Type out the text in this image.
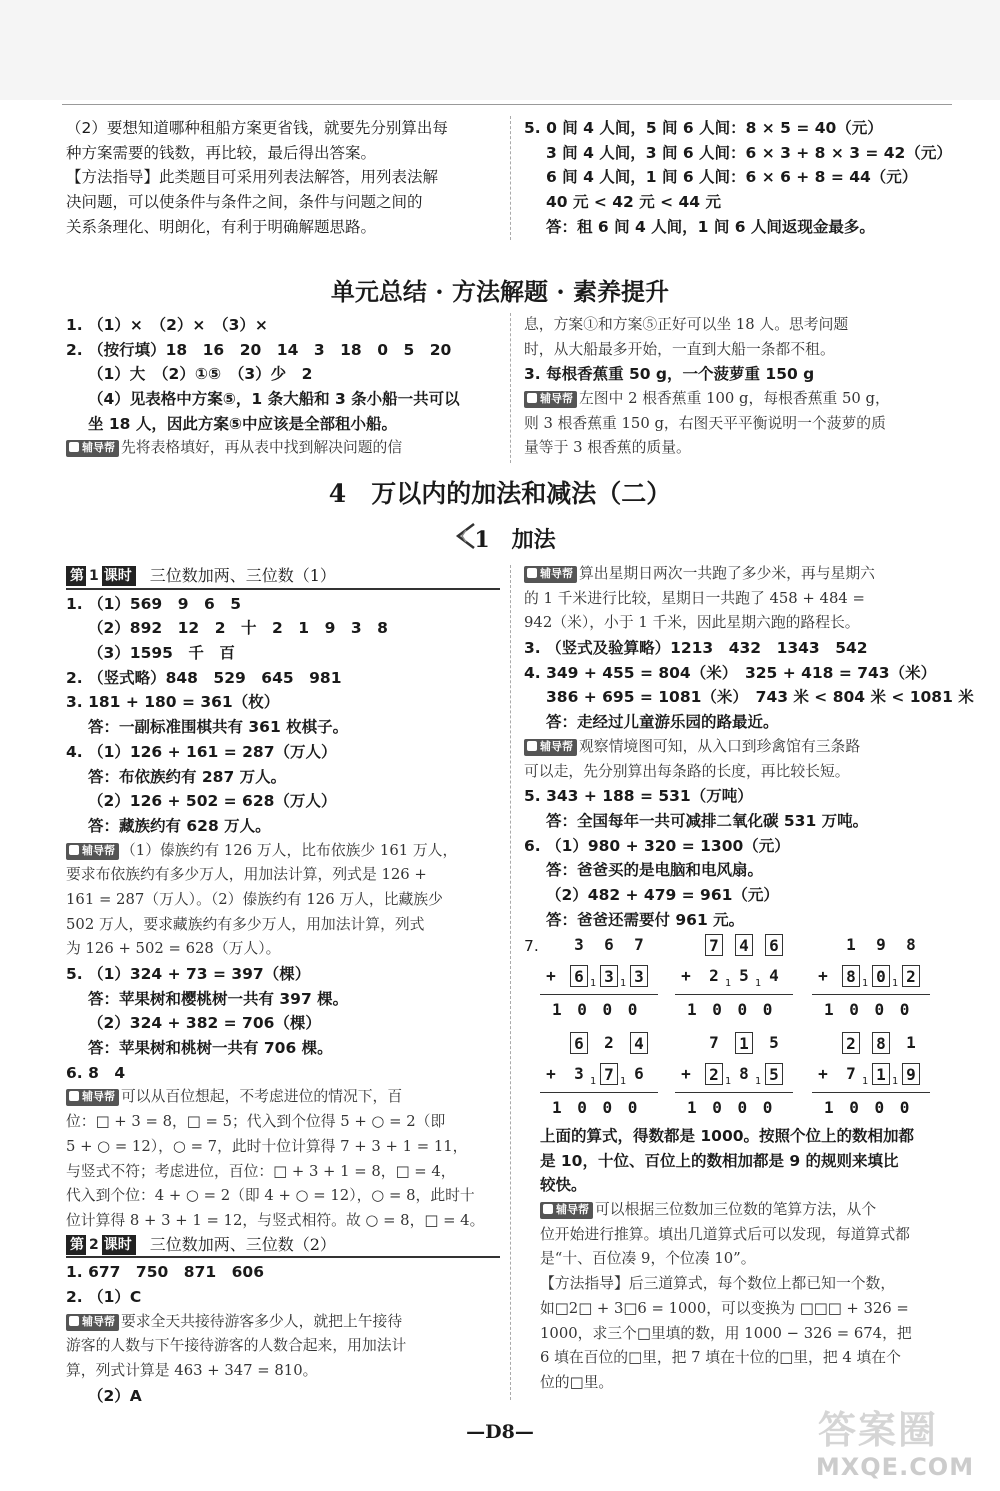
（2）要想知道哪种租船方案更省钱，就要先分别算出每
种方案需要的钱数，再比较，最后得出答案。
【方法指导】此类题目可采用列表法解答，用列表法解
决问题，可以使条件与条件之间，条件与问题之间的
关系条理化、明朗化，有利于明确解题思路。
5. 0 间 4 人间，5 间 6 人间：8 × 5 = 40（元）
3 间 4 人间，3 间 6 人间：6 × 3 + 8 × 3 = 42（元）
6 间 4 人间，1 间 6 人间：6 × 6 + 8 = 44（元）
40 元 < 42 元 < 44 元
答：租 6 间 4 人间，1 间 6 人间返现金最多。
单元总结 · 方法解题 · 素养提升
1. （1）×　（2）×　（3）×
2. （按行填）18　16　20　14　3　18　0　5　20
（1）大　（2）①⑤　（3）少　2
（4）见表格中方案⑤，1 条大船和 3 条小船一共可以
坐 18 人，因此方案⑤中应该是全部租小船。
辅导帮 先将表格填好，再从表中找到解决问题的信
息，方案①和方案⑤正好可以坐 18 人。思考问题
时，从大船最多开始，一直到大船一条都不租。
3. 每根香蕉重 50 g，一个菠萝重 150 g
辅导帮 左图中 2 根香蕉重 100 g，每根香蕉重 50 g，
则 3 根香蕉重 150 g，右图天平平衡说明一个菠萝的质
量等于 3 根香蕉的质量。
4　万以内的加法和减法（二）
1　加法
第 1 课时 三位数加两、三位数（1）
1. （1）569　9　6　5
（2）892　12　2　十　2　1　9　3　8
（3）1595　千　百
2. （竖式略）848　529　645　981
3. 181 + 180 = 361（枚）
答：一副标准围棋共有 361 枚棋子。
4. （1）126 + 161 = 287（万人）
答：布依族约有 287 万人。
（2）126 + 502 = 628（万人）
答：藏族约有 628 万人。
辅导帮 （1）傣族约有 126 万人，比布依族少 161 万人，
要求布依族约有多少万人，用加法计算，列式是 126 +
161 = 287（万人）。（2）傣族约有 126 万人，比藏族少
502 万人，要求藏族约有多少万人，用加法计算，列式
为 126 + 502 = 628（万人）。
5. （1）324 + 73 = 397（棵）
答：苹果树和樱桃树一共有 397 棵。
（2）324 + 382 = 706（棵）
答：苹果树和桃树一共有 706 棵。
6. 8　4
辅导帮 可以从百位想起，不考虑进位的情况下，百
位：□ + 3 = 8，□ = 5；代入到个位得 5 + ○ = 2（即
5 + ○ = 12），○ = 7，此时十位计算得 7 + 3 + 1 = 11，
与竖式不符；考虑进位，百位：□ + 3 + 1 = 8，□ = 4，
代入到个位：4 + ○ = 2（即 4 + ○ = 12），○ = 8，此时十
位计算得 8 + 3 + 1 = 12，与竖式相符。故 ○ = 8，□ = 4。
第 2 课时 三位数加两、三位数（2）
1. 677　750　871　606
2. （1）C
辅导帮 要求全天共接待游客多少人，就把上午接待
游客的人数与下午接待游客的人数合起来，用加法计
算，列式计算是 463 + 347 = 810。
（2）A
辅导帮 算出星期日两次一共跑了多少米，再与星期六
的 1 千米进行比较，星期日一共跑了 458 + 484 =
942（米），小于 1 千米，因此星期六跑的路程长。
3. （竖式及验算略）1213　432　1343　542
4. 349 + 455 = 804（米）　325 + 418 = 743（米）
386 + 695 = 1081（米）　743 米 < 804 米 < 1081 米
答：走经过儿童游乐园的路最近。
辅导帮 观察情境图可知，从入口到珍禽馆有三条路
可以走，先分别算出每条路的长度，再比较长短。
5. 343 + 188 = 531（万吨）
答：全国每年一共可减排二氧化碳 531 万吨。
6. （1）980 + 320 = 1300（元）
答：爸爸买的是电脑和电风扇。
（2）482 + 479 = 961（元）
答：爸爸还需要付 961 元。
7. 3 6 7
+ 6 1 3 1 3
1 0 0 0
7 4 6
+ 2 1 5 1 4
1 0 0 0
1 9 8
+ 8 1 0 1 2
1 0 0 0
6 2 4
+ 3 1 7 1 6
1 0 0 0
7 1 5
+ 2 1 8 1 5
1 0 0 0
2 8 1
+ 7 1 1 1 9
1 0 0 0
上面的算式，得数都是 1000。按照个位上的数相加都
是 10，十位、百位上的数相加都是 9 的规则来填比
较快。
辅导帮 可以根据三位数加三位数的笔算方法，从个
位开始进行推算。填出几道算式后可以发现，每道算式都
是“十、百位凑 9，个位凑 10”。
【方法指导】后三道算式，每个数位上都已知一个数，
如□2□ + 3□6 = 1000，可以变换为 □□□ + 326 =
1000，求三个□里填的数，用 1000 − 326 = 674，把
6 填在百位的□里，把 7 填在十位的□里，把 4 填在个
位的□里。
—D8—	答案圈
MXQE.COM
